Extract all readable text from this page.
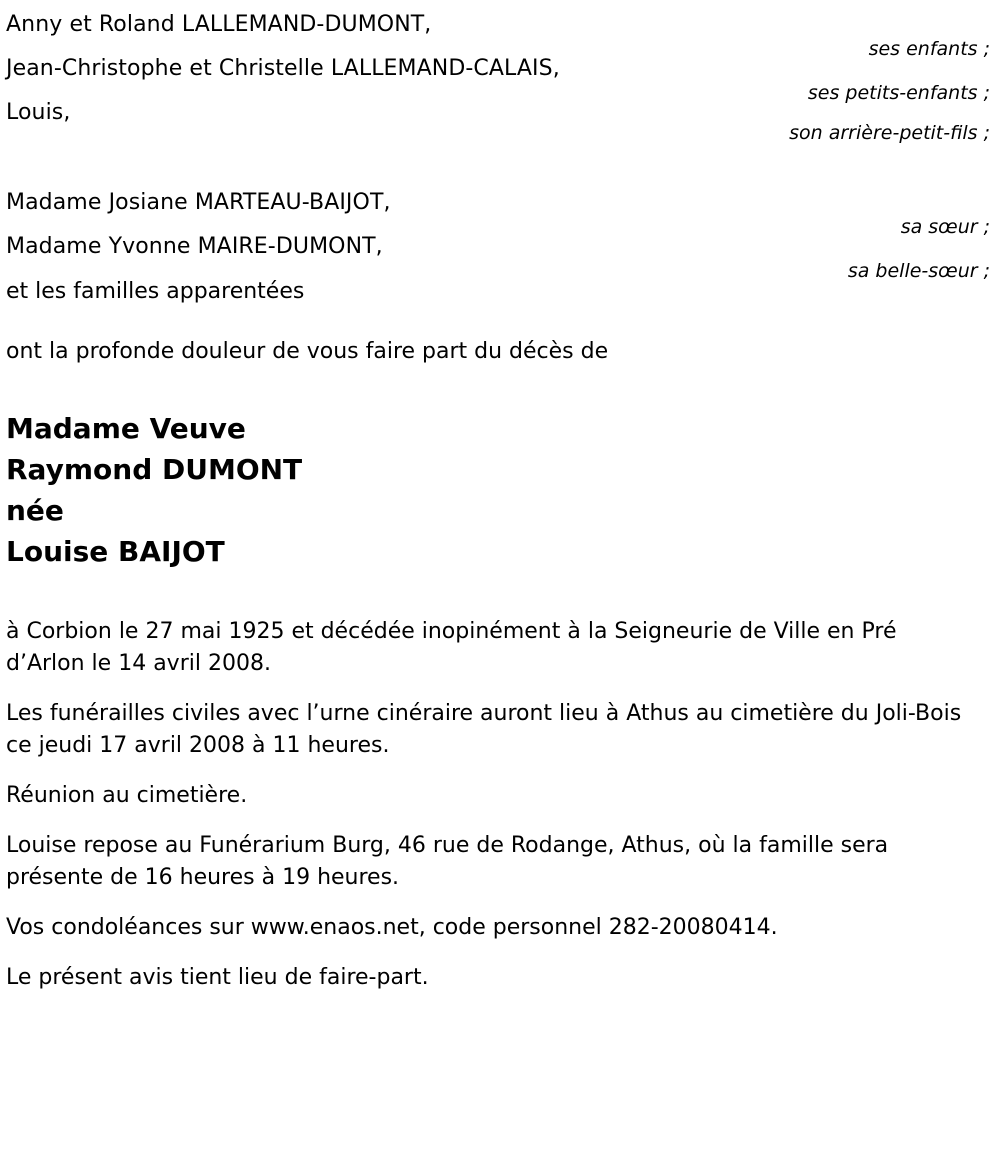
Anny et Roland LALLEMAND-DUMONT,
ses enfants ;
Jean-Christophe et Christelle LALLEMAND-CALAIS,
ses petits-enfants ;
Louis,
son arrière-petit-fils ;
Madame Josiane MARTEAU-BAIJOT,
sa sœur ;
Madame Yvonne MAIRE-DUMONT,
sa belle-sœur ;
et les familles apparentées
ont la profonde douleur de vous faire part du décès de
Madame Veuve
Raymond DUMONT
née
Louise BAIJOT

à Corbion le 27 mai 1925 et décédée inopinément à la Seigneurie de Ville en Pré d’Arlon le 14 avril 2008.

Les funérailles civiles avec l’urne cinéraire auront lieu à Athus au cimetière du Joli-Bois ce jeudi 17 avril 2008 à 11 heures.

Réunion au cimetière.

Louise repose au Funérarium Burg, 46 rue de Rodange, Athus, où la famille sera présente de 16 heures à 19 heures.

Vos condoléances sur www.enaos.net, code personnel 282-20080414.

Le présent avis tient lieu de faire-part.
